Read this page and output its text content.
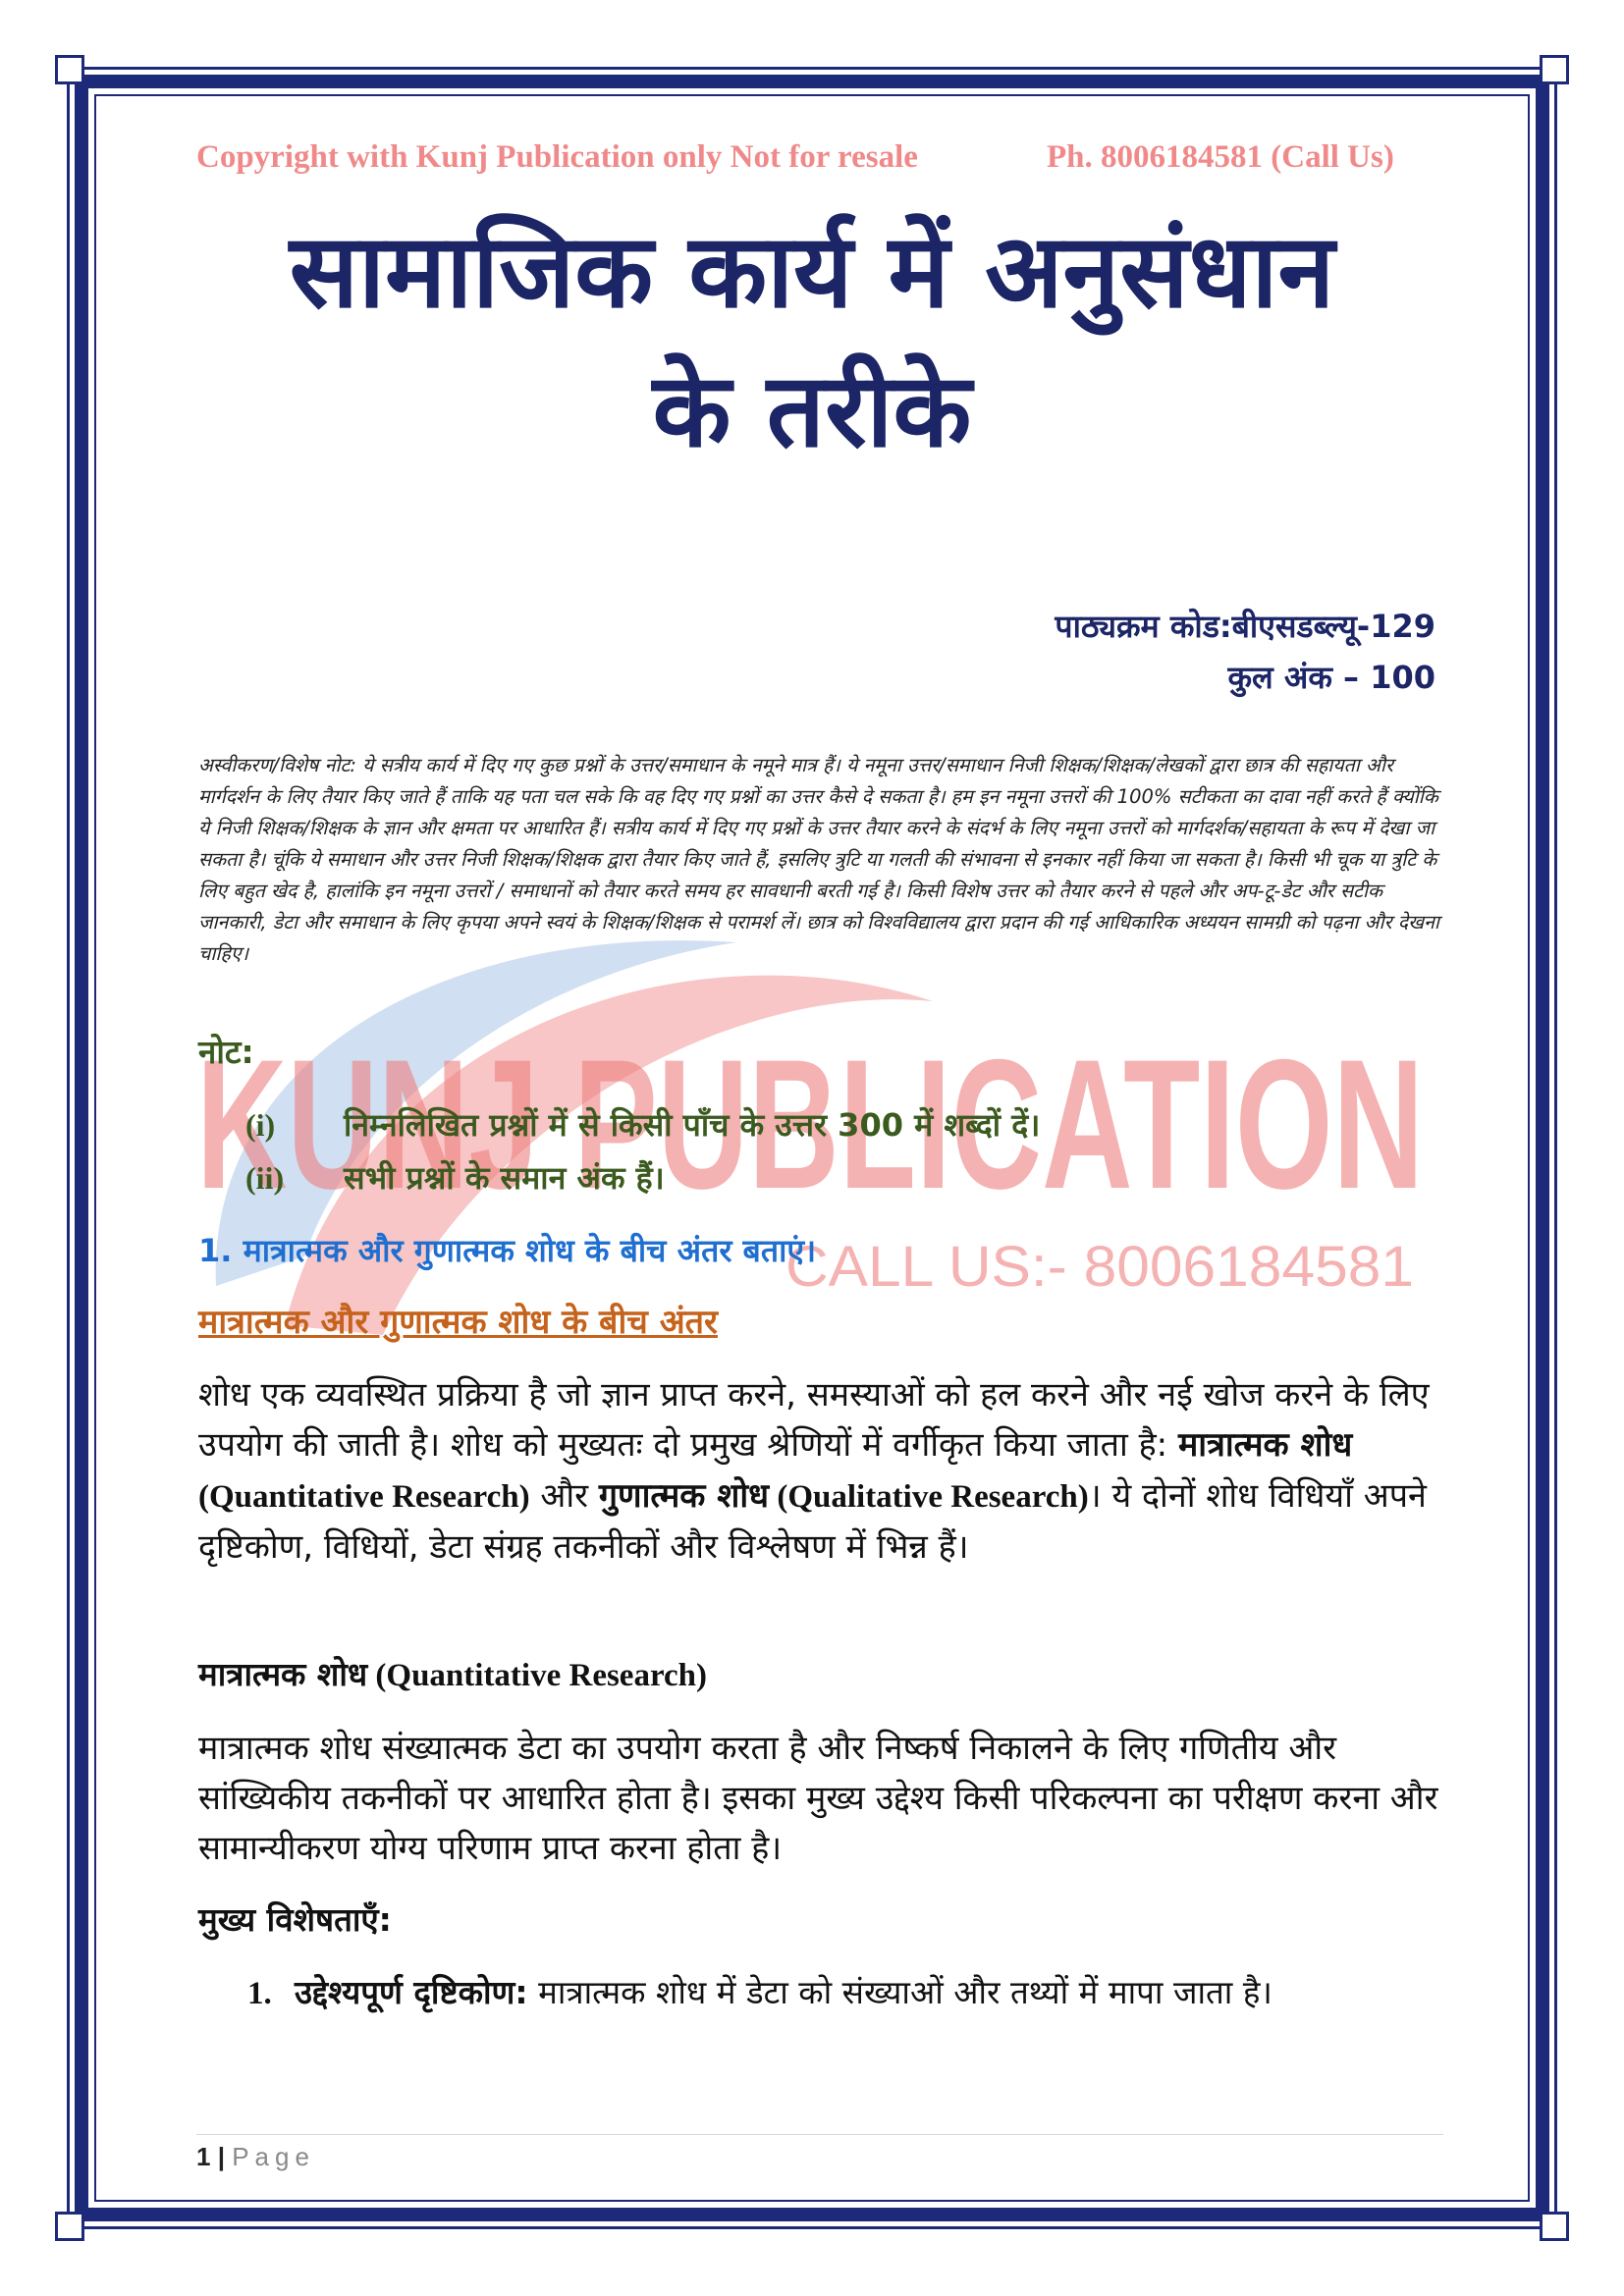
KUNJ PUBLICATION
CALL US:- 8006184581
Copyright with Kunj Publication only Not for resale	Ph. 8006184581 (Call Us)
सामाजिक कार्य में अनुसंधान
के तरीके
पाठ्यक्रम कोड:बीएसडब्ल्यू-129
कुल अंक – 100

अस्वीकरण/विशेष नोट: ये सत्रीय कार्य में दिए गए कुछ प्रश्नों के उत्तर/समाधान के नमूने मात्र हैं। ये नमूना उत्तर/समाधान निजी शिक्षक/शिक्षक/लेखकों द्वारा छात्र की सहायता और मार्गदर्शन के लिए तैयार किए जाते हैं ताकि यह पता चल सके कि वह दिए गए प्रश्नों का उत्तर कैसे दे सकता है। हम इन नमूना उत्तरों की 100% सटीकता का दावा नहीं करते हैं क्योंकि ये निजी शिक्षक/शिक्षक के ज्ञान और क्षमता पर आधारित हैं। सत्रीय कार्य में दिए गए प्रश्नों के उत्तर तैयार करने के संदर्भ के लिए नमूना उत्तरों को मार्गदर्शक/सहायता के रूप में देखा जा सकता है। चूंकि ये समाधान और उत्तर निजी शिक्षक/शिक्षक द्वारा तैयार किए जाते हैं, इसलिए त्रुटि या गलती की संभावना से इनकार नहीं किया जा सकता है। किसी भी चूक या त्रुटि के लिए बहुत खेद है, हालांकि इन नमूना उत्तरों / समाधानों को तैयार करते समय हर सावधानी बरती गई है। किसी विशेष उत्तर को तैयार करने से पहले और अप-टू-डेट और सटीक जानकारी, डेटा और समाधान के लिए कृपया अपने स्वयं के शिक्षक/शिक्षक से परामर्श लें। छात्र को विश्वविद्यालय द्वारा प्रदान की गई आधिकारिक अध्ययन सामग्री को पढ़ना और देखना चाहिए।

नोट:
(i) निम्नलिखित प्रश्नों में से किसी पाँच के उत्तर 300 में शब्दों दें।
(ii) सभी प्रश्नों के समान अंक हैं।
1. मात्रात्मक और गुणात्मक शोध के बीच अंतर बताएं।
मात्रात्मक और गुणात्मक शोध के बीच अंतर

शोध एक व्यवस्थित प्रक्रिया है जो ज्ञान प्राप्त करने, समस्याओं को हल करने और नई खोज करने के लिए उपयोग की जाती है। शोध को मुख्यतः दो प्रमुख श्रेणियों में वर्गीकृत किया जाता है: मात्रात्मक शोध (Quantitative Research) और गुणात्मक शोध (Qualitative Research)। ये दोनों शोध विधियाँ अपने दृष्टिकोण, विधियों, डेटा संग्रह तकनीकों और विश्लेषण में भिन्न हैं।

मात्रात्मक शोध (Quantitative Research)

मात्रात्मक शोध संख्यात्मक डेटा का उपयोग करता है और निष्कर्ष निकालने के लिए गणितीय और सांख्यिकीय तकनीकों पर आधारित होता है। इसका मुख्य उद्देश्य किसी परिकल्पना का परीक्षण करना और सामान्यीकरण योग्य परिणाम प्राप्त करना होता है।

मुख्य विशेषताएँ:
1. उद्देश्यपूर्ण दृष्टिकोण: मात्रात्मक शोध में डेटा को संख्याओं और तथ्यों में मापा जाता है।
1 | Page
